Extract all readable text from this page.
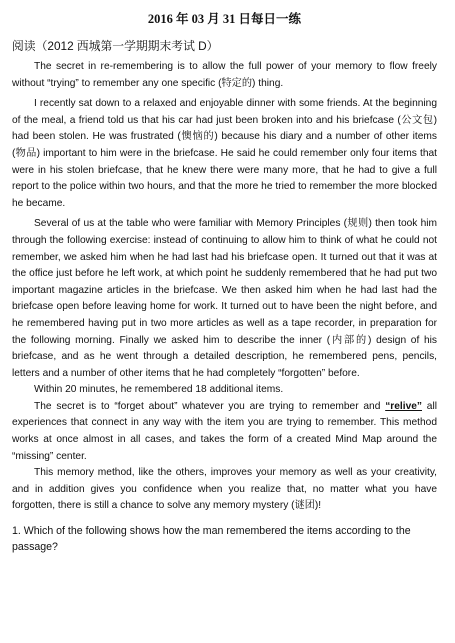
2016 年 03 月 31 日每日一练
阅读（2012 西城第一学期期末考试 D）

The secret in re-remembering is to allow the full power of your memory to flow freely without “trying” to remember any one specific (特定的) thing.

I recently sat down to a relaxed and enjoyable dinner with some friends. At the beginning of the meal, a friend told us that his car had just been broken into and his briefcase (公文包) had been stolen. He was frustrated (懊恼的) because his diary and a number of other items (物品) important to him were in the briefcase. He said he could remember only four items that were in his stolen briefcase, that he knew there were many more, that he had to give a full report to the police within two hours, and that the more he tried to remember the more blocked he became.

Several of us at the table who were familiar with Memory Principles (规则) then took him through the following exercise: instead of continuing to allow him to think of what he could not remember, we asked him when he had last had his briefcase open. It turned out that it was at the office just before he left work, at which point he suddenly remembered that he had put two important magazine articles in the briefcase. We then asked him when he had last had the briefcase open before leaving home for work. It turned out to have been the night before, and he remembered having put in two more articles as well as a tape recorder, in preparation for the following morning. Finally we asked him to describe the inner (内部的) design of his briefcase, and as he went through a detailed description, he remembered pens, pencils, letters and a number of other items that he had completely “forgotten” before.

Within 20 minutes, he remembered 18 additional items.

The secret is to “forget about” whatever you are trying to remember and “relive” all experiences that connect in any way with the item you are trying to remember. This method works at once almost in all cases, and takes the form of a created Mind Map around the “missing” center.

This memory method, like the others, improves your memory as well as your creativity, and in addition gives you confidence when you realize that, no matter what you have forgotten, there is still a chance to solve any memory mystery (谜团)!

1. Which of the following shows how the man remembered the items according to the passage?
